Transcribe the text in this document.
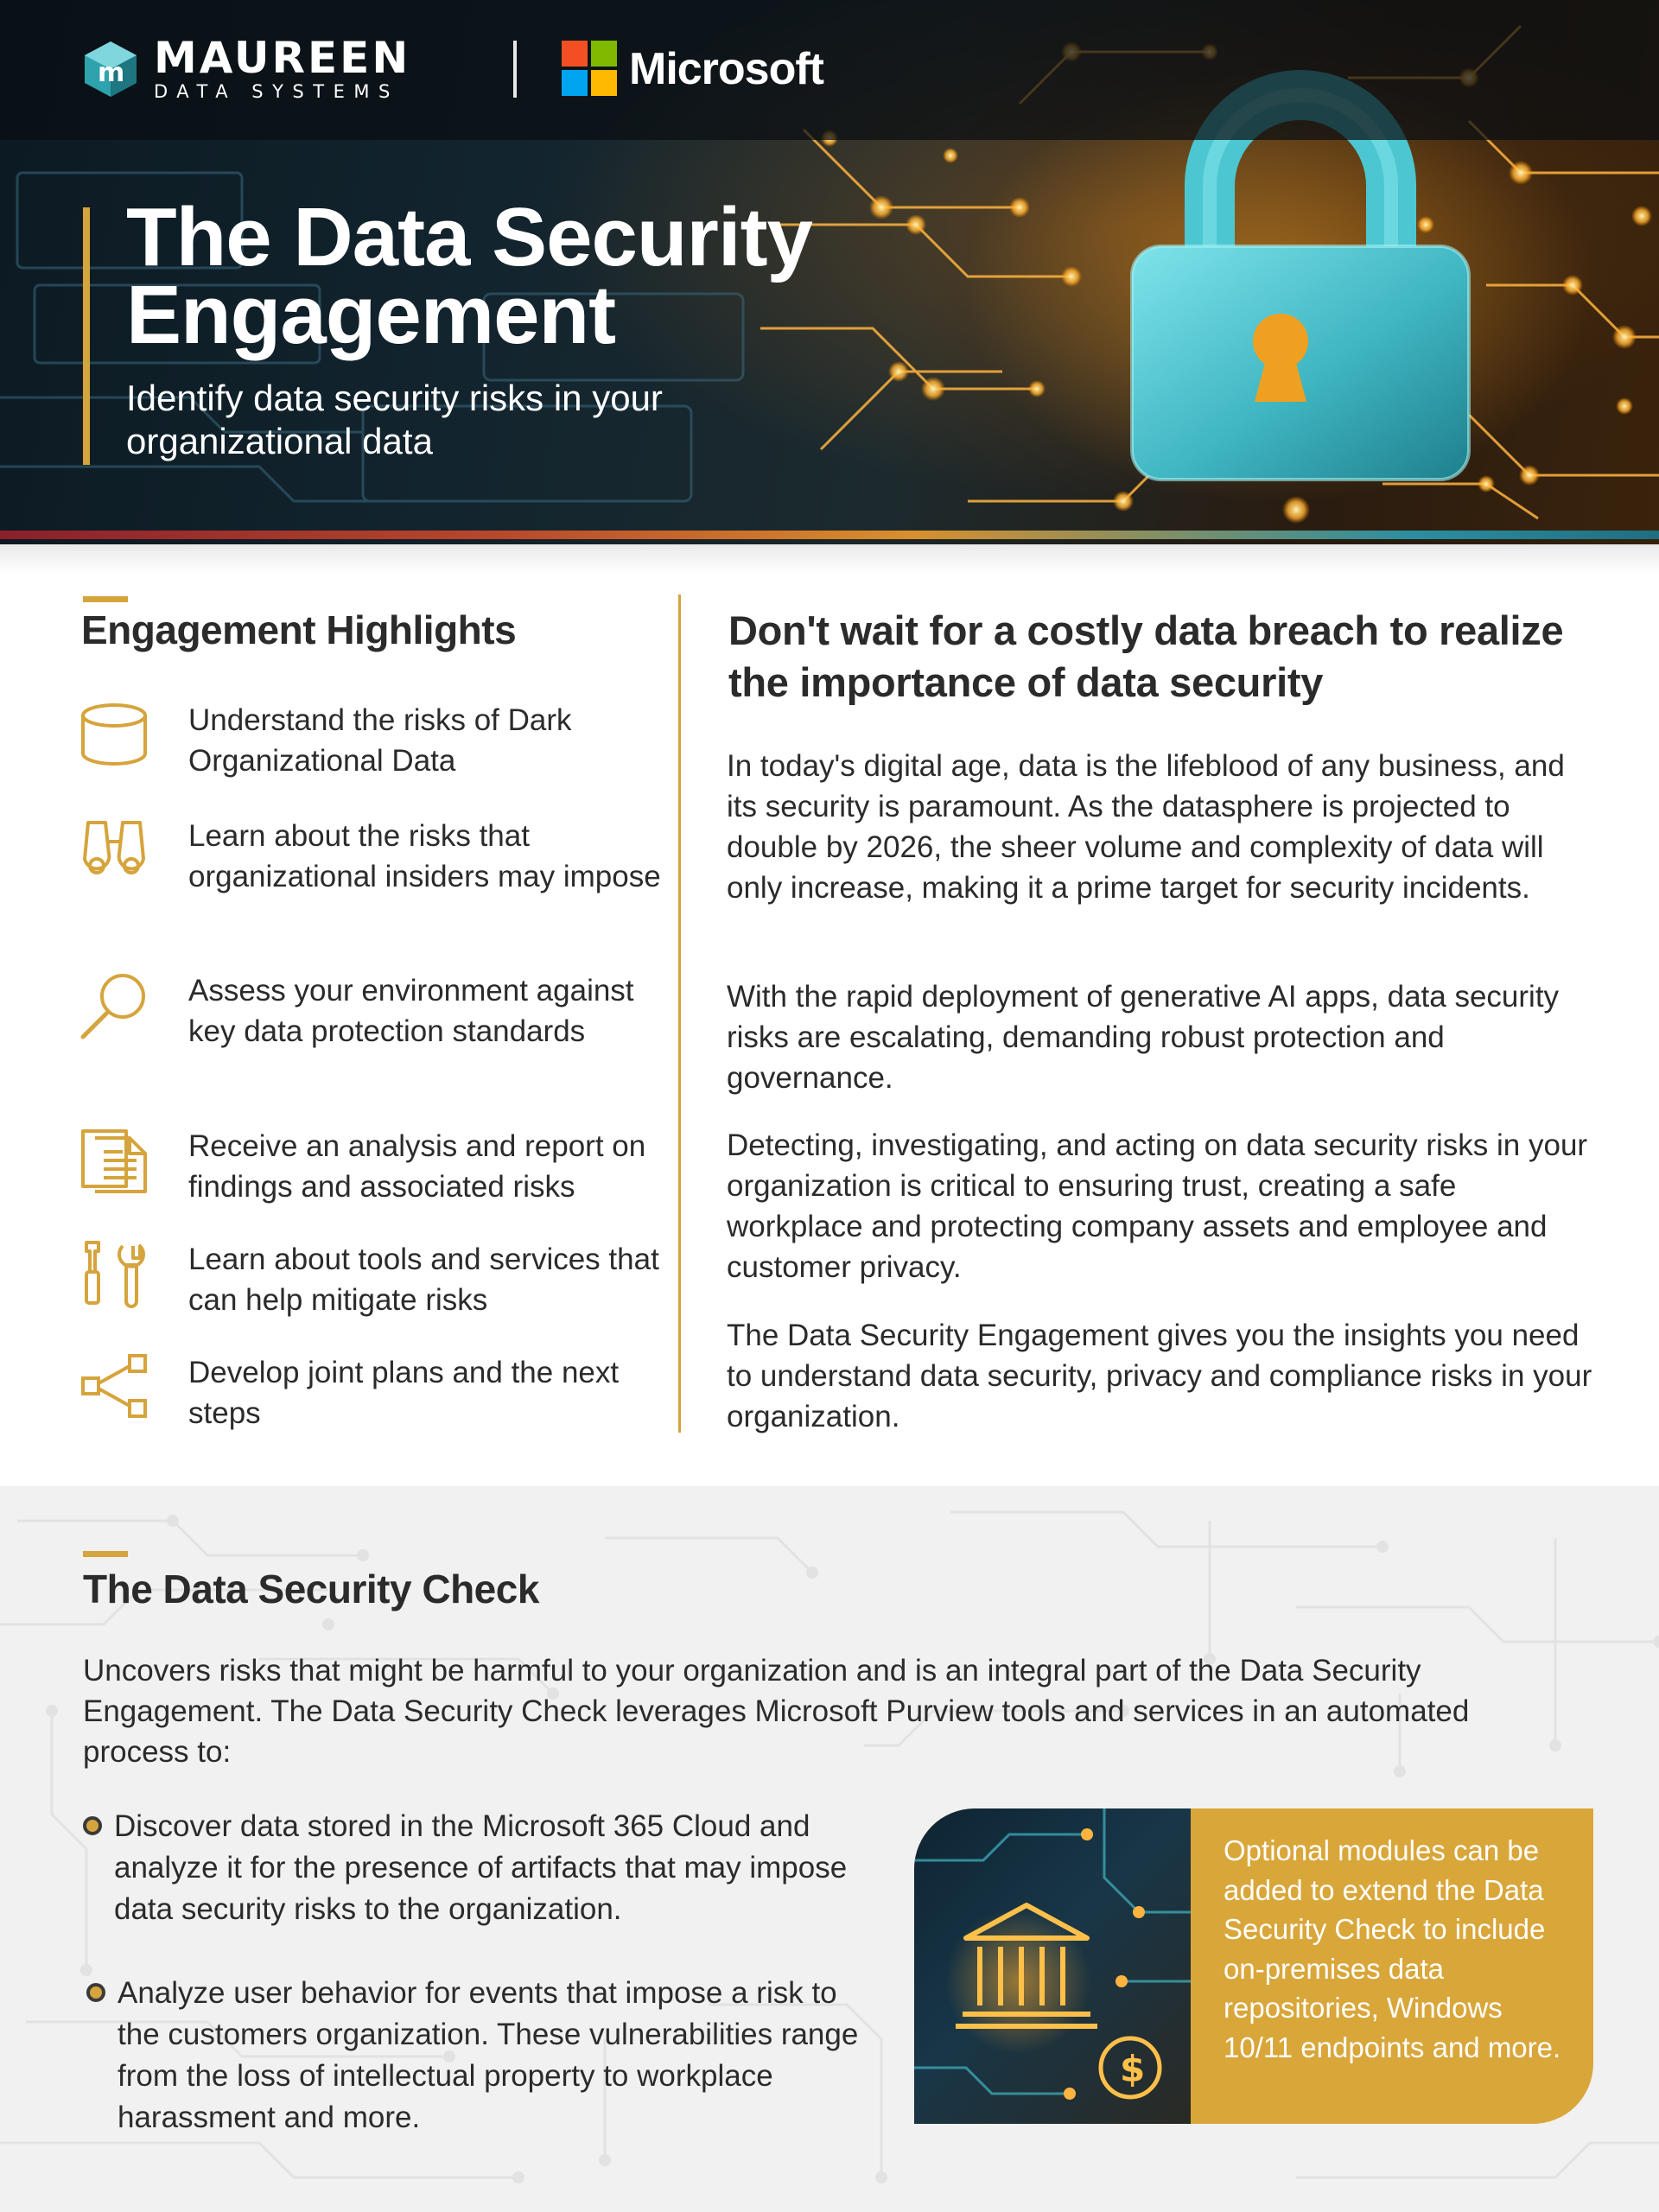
m MAUREEN
DATA SYSTEMS	Microsoft
The Data Security Engagement
Identify data security risks in your organizational data
Engagement Highlights
Understand the risks of Dark Organizational Data
Learn about the risks that organizational insiders may impose
Assess your environment against key data protection standards
Receive an analysis and report on findings and associated risks
Learn about tools and services that can help mitigate risks
Develop joint plans and the next steps
Don't wait for a costly data breach to realize the importance of data security
In today's digital age, data is the lifeblood of any business, and its security is paramount. As the datasphere is projected to double by 2026, the sheer volume and complexity of data will only increase, making it a prime target for security incidents.
With the rapid deployment of generative AI apps, data security risks are escalating, demanding robust protection and governance.
Detecting, investigating, and acting on data security risks in your organization is critical to ensuring trust, creating a safe workplace and protecting company assets and employee and customer privacy.
The Data Security Engagement gives you the insights you need to understand data security, privacy and compliance risks in your organization.
The Data Security Check
Uncovers risks that might be harmful to your organization and is an integral part of the Data Security Engagement. The Data Security Check leverages Microsoft Purview tools and services in an automated process to:
Discover data stored in the Microsoft 365 Cloud and analyze it for the presence of artifacts that may impose data security risks to the organization.
Analyze user behavior for events that impose a risk to the customers organization. These vulnerabilities range from the loss of intellectual property to workplace harassment and more.
$
Optional modules can be added to extend the Data Security Check to include on-premises data repositories, Windows 10/11 endpoints and more.
